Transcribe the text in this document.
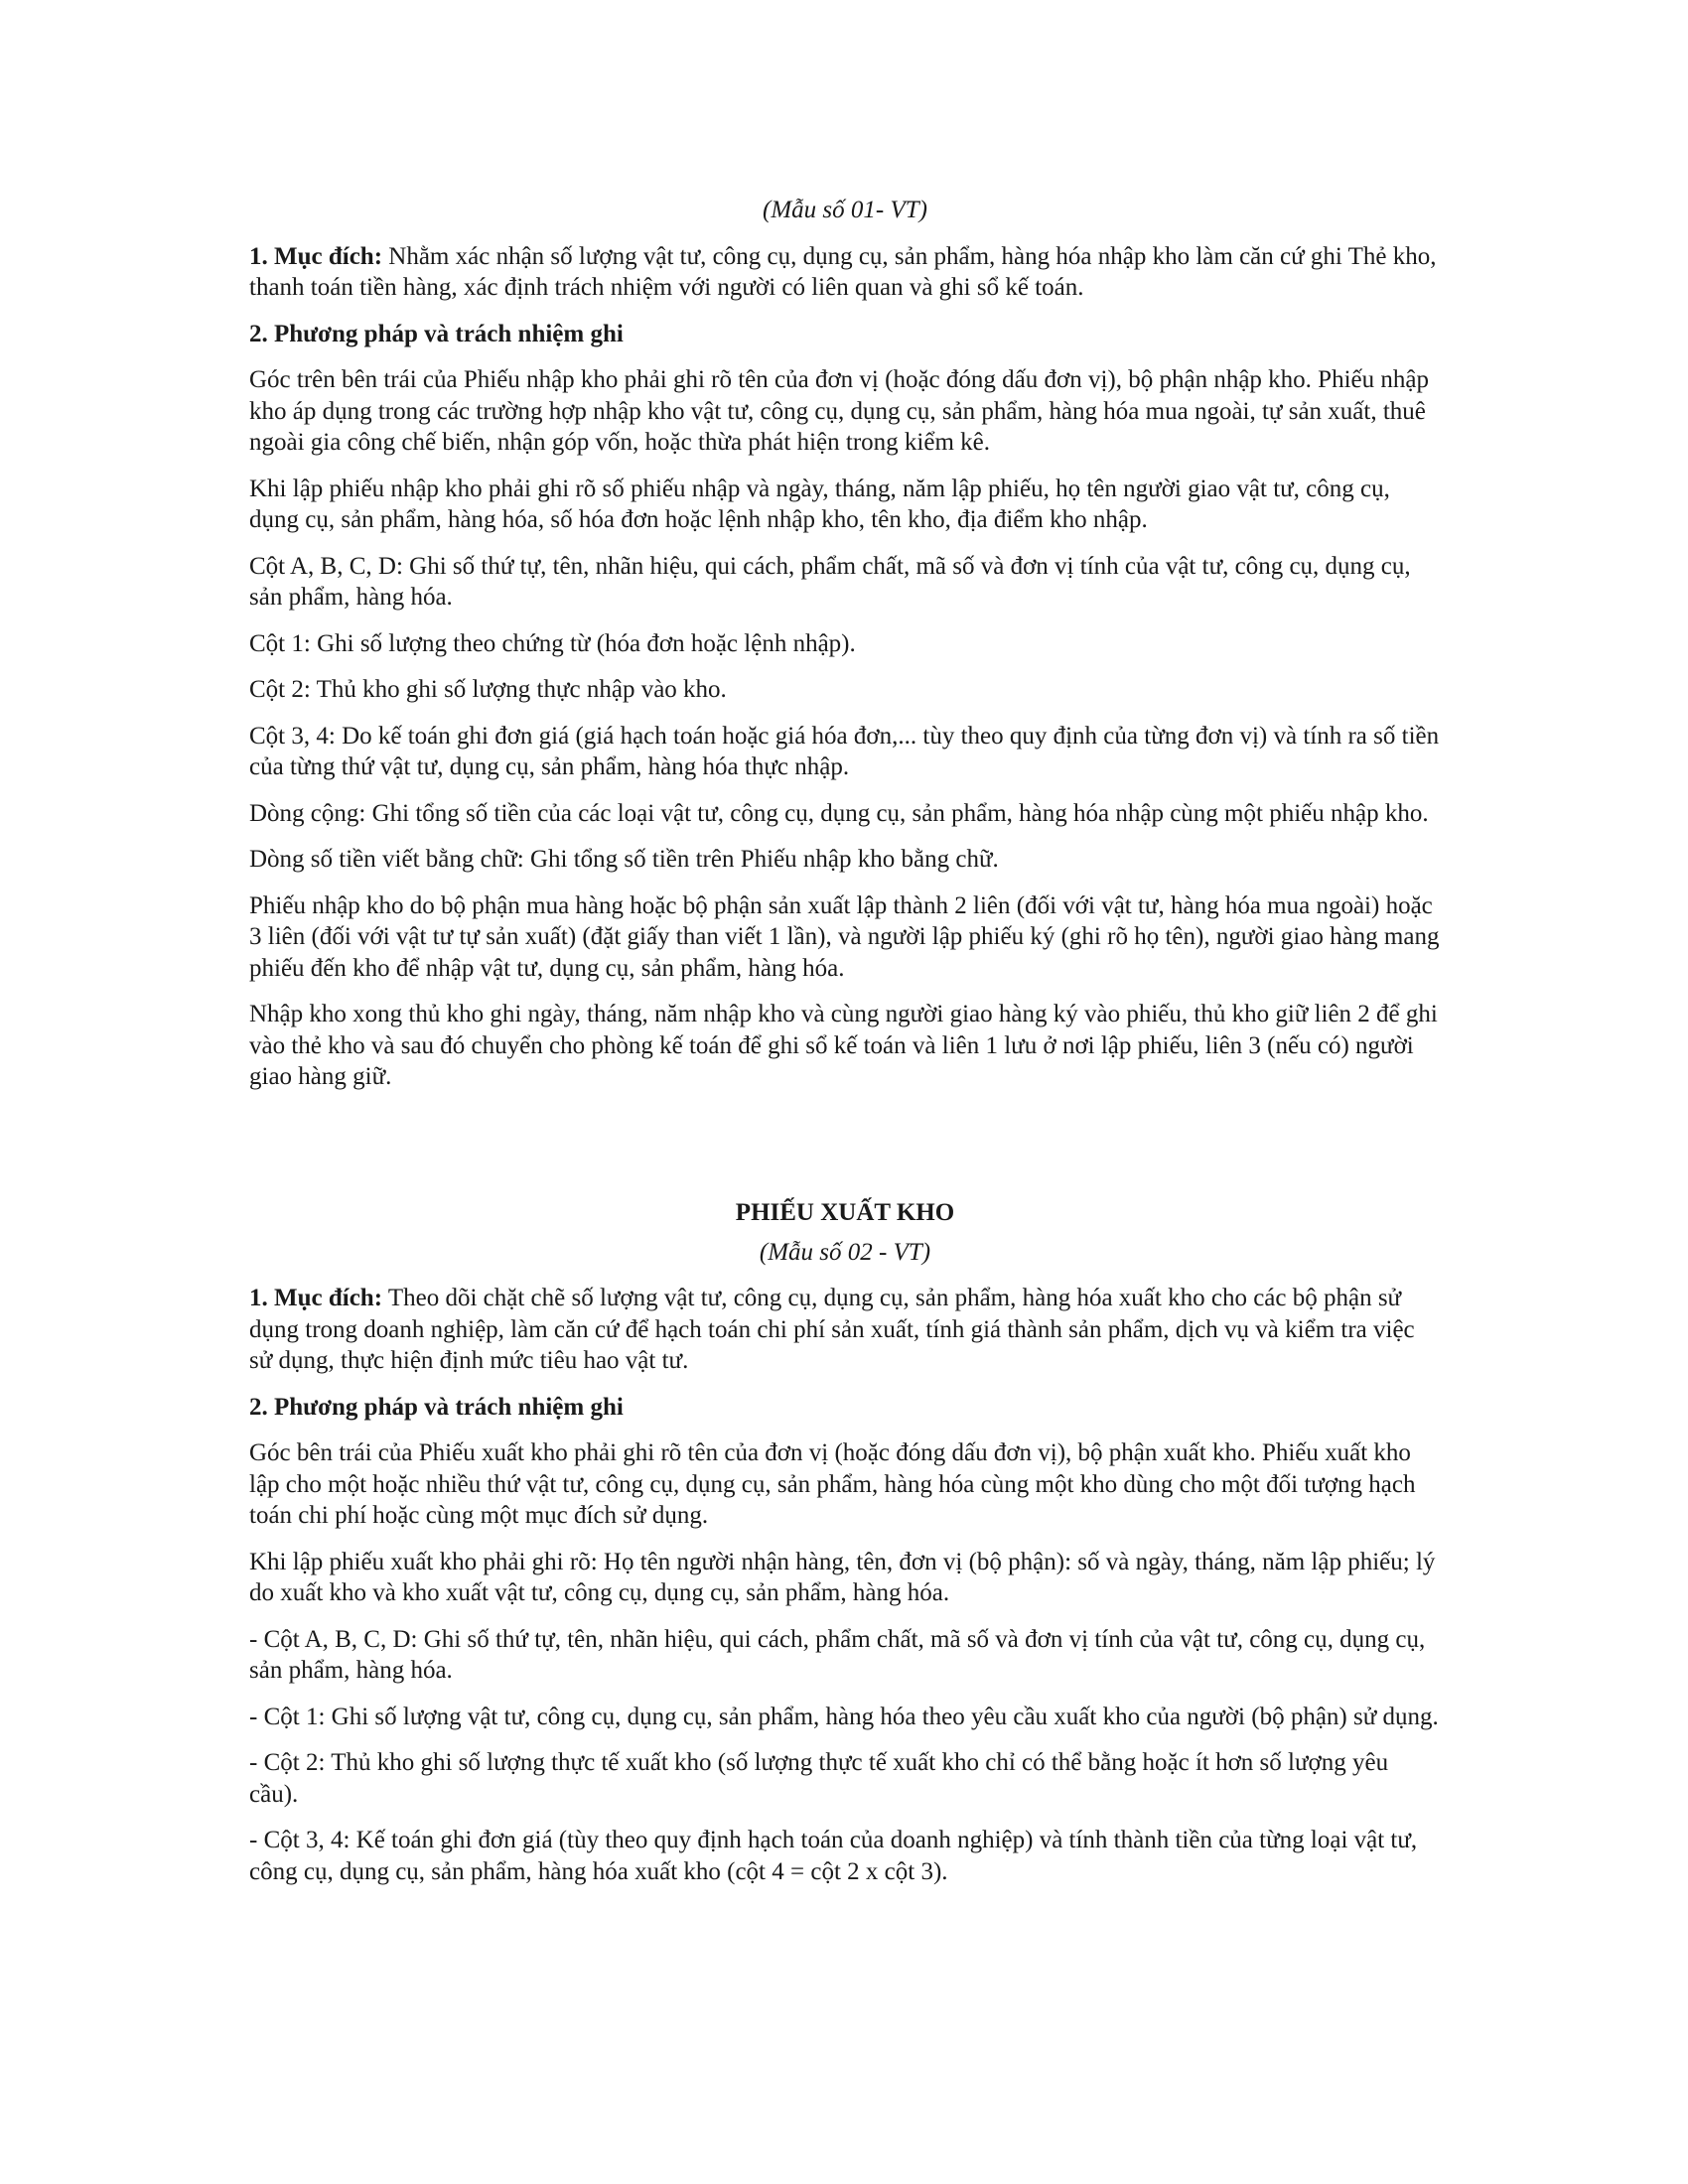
(Mẫu số 01- VT)

1. Mục đích: Nhằm xác nhận số lượng vật tư, công cụ, dụng cụ, sản phẩm, hàng hóa nhập kho làm căn cứ ghi Thẻ kho, thanh toán tiền hàng, xác định trách nhiệm với người có liên quan và ghi sổ kế toán.

2. Phương pháp và trách nhiệm ghi

Góc trên bên trái của Phiếu nhập kho phải ghi rõ tên của đơn vị (hoặc đóng dấu đơn vị), bộ phận nhập kho. Phiếu nhập kho áp dụng trong các trường hợp nhập kho vật tư, công cụ, dụng cụ, sản phẩm, hàng hóa mua ngoài, tự sản xuất, thuê ngoài gia công chế biến, nhận góp vốn, hoặc thừa phát hiện trong kiểm kê.

Khi lập phiếu nhập kho phải ghi rõ số phiếu nhập và ngày, tháng, năm lập phiếu, họ tên người giao vật tư, công cụ, dụng cụ, sản phẩm, hàng hóa, số hóa đơn hoặc lệnh nhập kho, tên kho, địa điểm kho nhập.

Cột A, B, C, D: Ghi số thứ tự, tên, nhãn hiệu, qui cách, phẩm chất, mã số và đơn vị tính của vật tư, công cụ, dụng cụ, sản phẩm, hàng hóa.

Cột 1: Ghi số lượng theo chứng từ (hóa đơn hoặc lệnh nhập).

Cột 2: Thủ kho ghi số lượng thực nhập vào kho.

Cột 3, 4: Do kế toán ghi đơn giá (giá hạch toán hoặc giá hóa đơn,... tùy theo quy định của từng đơn vị) và tính ra số tiền của từng thứ vật tư, dụng cụ, sản phẩm, hàng hóa thực nhập.

Dòng cộng: Ghi tổng số tiền của các loại vật tư, công cụ, dụng cụ, sản phẩm, hàng hóa nhập cùng một phiếu nhập kho.

Dòng số tiền viết bằng chữ: Ghi tổng số tiền trên Phiếu nhập kho bằng chữ.

Phiếu nhập kho do bộ phận mua hàng hoặc bộ phận sản xuất lập thành 2 liên (đối với vật tư, hàng hóa mua ngoài) hoặc 3 liên (đối với vật tư tự sản xuất) (đặt giấy than viết 1 lần), và người lập phiếu ký (ghi rõ họ tên), người giao hàng mang phiếu đến kho để nhập vật tư, dụng cụ, sản phẩm, hàng hóa.

Nhập kho xong thủ kho ghi ngày, tháng, năm nhập kho và cùng người giao hàng ký vào phiếu, thủ kho giữ liên 2 để ghi vào thẻ kho và sau đó chuyển cho phòng kế toán để ghi sổ kế toán và liên 1 lưu ở nơi lập phiếu, liên 3 (nếu có) người giao hàng giữ.

PHIẾU XUẤT KHO
(Mẫu số 02 - VT)

1. Mục đích: Theo dõi chặt chẽ số lượng vật tư, công cụ, dụng cụ, sản phẩm, hàng hóa xuất kho cho các bộ phận sử dụng trong doanh nghiệp, làm căn cứ để hạch toán chi phí sản xuất, tính giá thành sản phẩm, dịch vụ và kiểm tra việc sử dụng, thực hiện định mức tiêu hao vật tư.

2. Phương pháp và trách nhiệm ghi

Góc bên trái của Phiếu xuất kho phải ghi rõ tên của đơn vị (hoặc đóng dấu đơn vị), bộ phận xuất kho. Phiếu xuất kho lập cho một hoặc nhiều thứ vật tư, công cụ, dụng cụ, sản phẩm, hàng hóa cùng một kho dùng cho một đối tượng hạch toán chi phí hoặc cùng một mục đích sử dụng.

Khi lập phiếu xuất kho phải ghi rõ: Họ tên người nhận hàng, tên, đơn vị (bộ phận): số và ngày, tháng, năm lập phiếu; lý do xuất kho và kho xuất vật tư, công cụ, dụng cụ, sản phẩm, hàng hóa.

- Cột A, B, C, D: Ghi số thứ tự, tên, nhãn hiệu, qui cách, phẩm chất, mã số và đơn vị tính của vật tư, công cụ, dụng cụ, sản phẩm, hàng hóa.

- Cột 1: Ghi số lượng vật tư, công cụ, dụng cụ, sản phẩm, hàng hóa theo yêu cầu xuất kho của người (bộ phận) sử dụng.

- Cột 2: Thủ kho ghi số lượng thực tế xuất kho (số lượng thực tế xuất kho chỉ có thể bằng hoặc ít hơn số lượng yêu cầu).

- Cột 3, 4: Kế toán ghi đơn giá (tùy theo quy định hạch toán của doanh nghiệp) và tính thành tiền của từng loại vật tư, công cụ, dụng cụ, sản phẩm, hàng hóa xuất kho (cột 4 = cột 2 x cột 3).
